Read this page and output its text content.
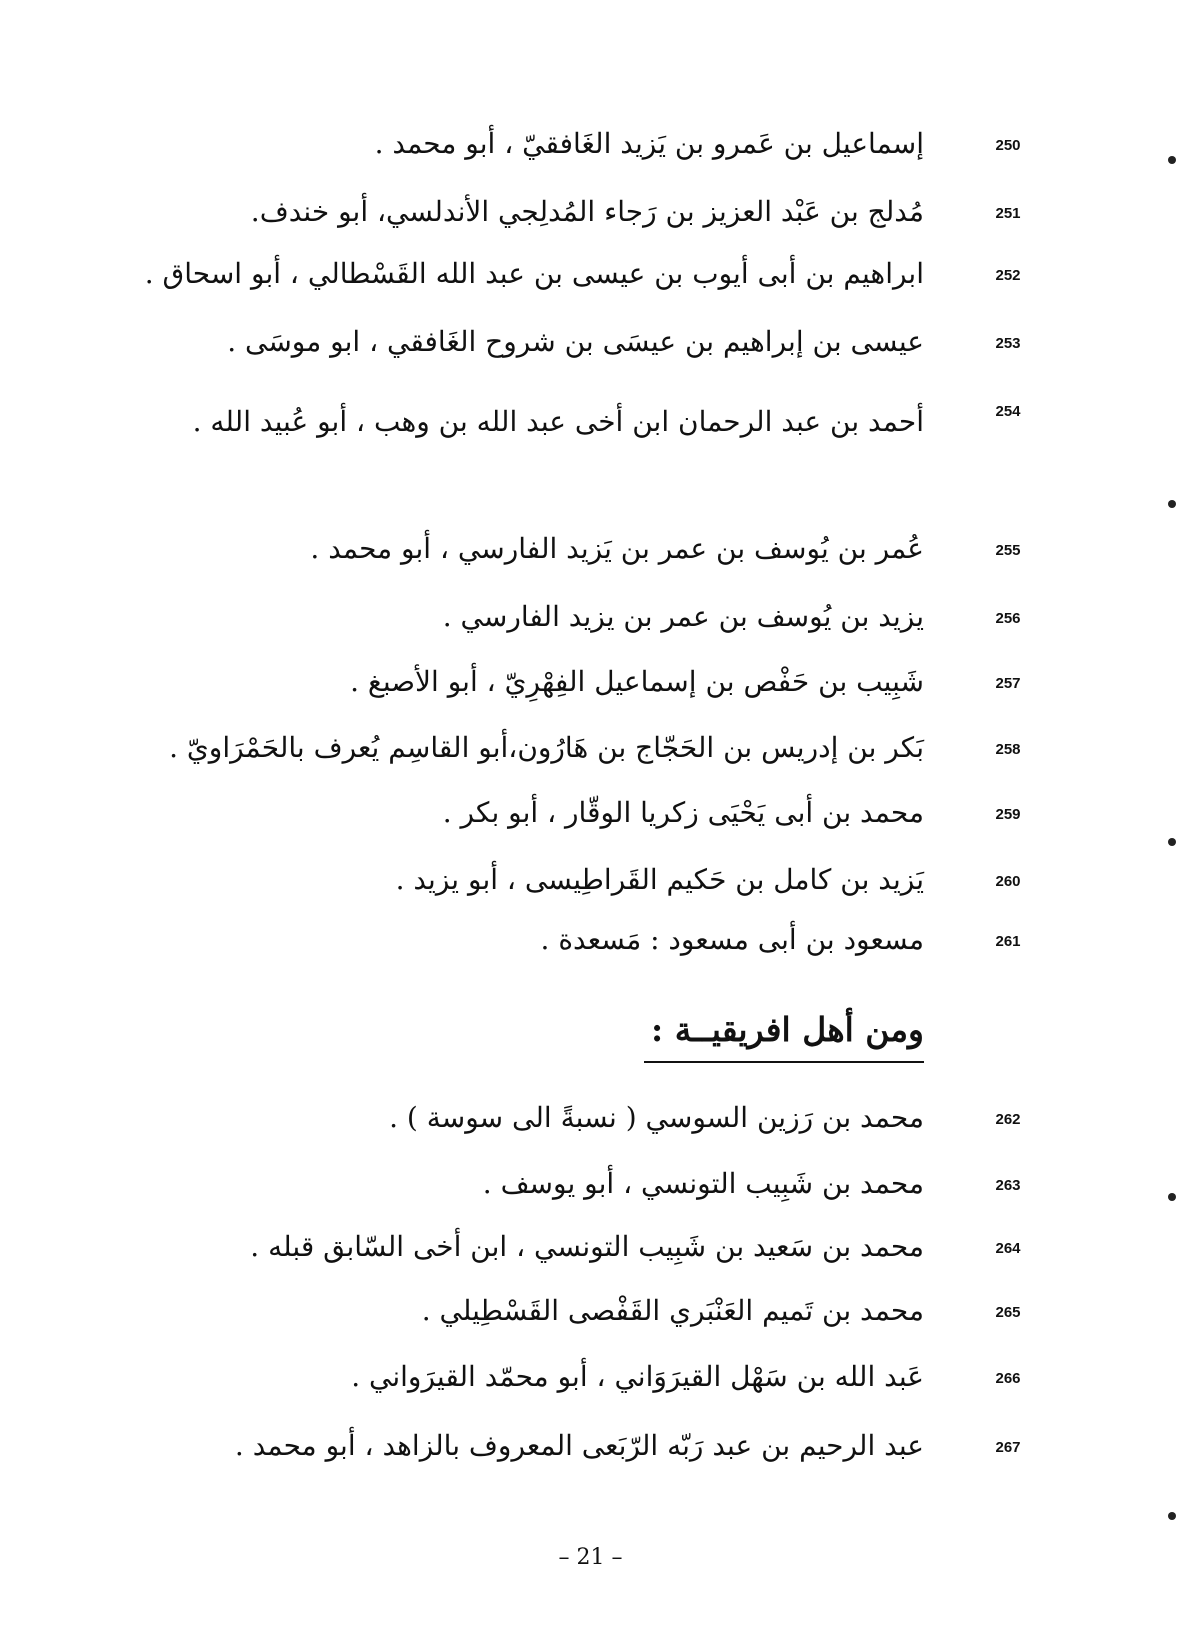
250
إسماعيل بن عَمرو بن يَزيد الغَافقيّ ، أبو محمد .
251
مُدلج بن عَبْد العزيز بن رَجاء المُدلِجي الأندلسي، أبو خندف.
252
ابراهيم بن أبى أيوب بن عيسى بن عبد الله القَسْطالي ، أبو اسحاق .
253
عيسى بن إبراهيم بن عيسَى بن شروح الغَافقي ، ابو موسَى .
254
أحمد بن عبد الرحمان ابن أخى عبد الله بن وهب ، أبو عُبيد الله .
255
عُمر بن يُوسف بن عمر بن يَزيد الفارسي ، أبو محمد .
256
يزيد بن يُوسف بن عمر بن يزيد الفارسي .
257
شَبِيب بن حَفْص بن إسماعيل الفِهْرِيّ ، أبو الأصبغ .
258
بَكر بن إدريس بن الحَجّاج بن هَارُون،أبو القاسِم يُعرف بالحَمْرَاويّ .
259
محمد بن أبى يَحْيَى زكريا الوقّار ، أبو بكر .
260
يَزيد بن كامل بن حَكيم القَراطِيسى ، أبو يزيد .
261
مسعود بن أبى مسعود : مَسعدة .
ومن أهل افريقيــة :
262
محمد بن رَزين السوسي ( نسبةً الى سوسة ) .
263
محمد بن شَبِيب التونسي ، أبو يوسف .
264
محمد بن سَعيد بن شَبِيب التونسي ، ابن أخى السّابق قبله .
265
محمد بن تَميم العَنْبَري القَفْصى القَسْطِيلي .
266
عَبد الله بن سَهْل القيرَوَاني ، أبو محمّد القيرَواني .
267
عبد الرحيم بن عبد رَبّه الرّبَعى المعروف بالزاهد ، أبو محمد .
– 21 –
